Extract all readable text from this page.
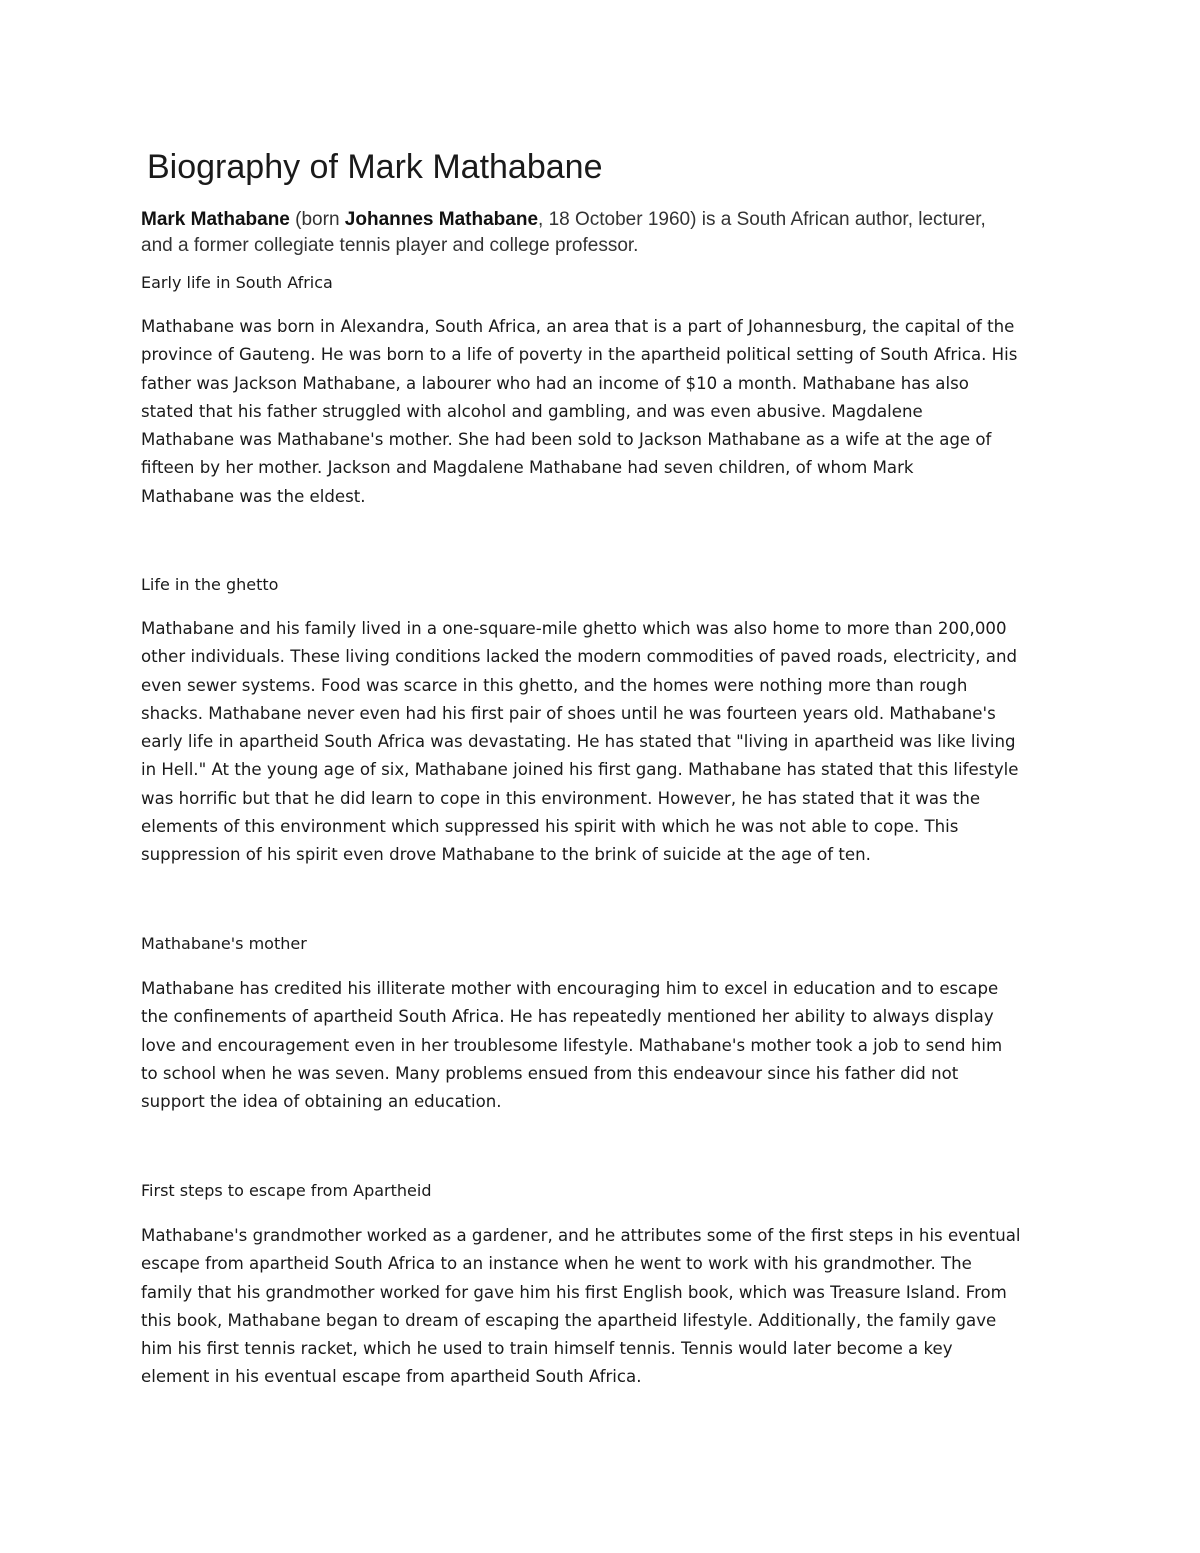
Biography of Mark Mathabane

Mark Mathabane (born Johannes Mathabane, 18 October 1960) is a South African author, lecturer,
and a former collegiate tennis player and college professor.

Early life in South Africa

Mathabane was born in Alexandra, South Africa, an area that is a part of Johannesburg, the capital of the
province of Gauteng. He was born to a life of poverty in the apartheid political setting of South Africa. His
father was Jackson Mathabane, a labourer who had an income of $10 a month. Mathabane has also
stated that his father struggled with alcohol and gambling, and was even abusive. Magdalene
Mathabane was Mathabane's mother. She had been sold to Jackson Mathabane as a wife at the age of
fifteen by her mother. Jackson and Magdalene Mathabane had seven children, of whom Mark
Mathabane was the eldest.

Life in the ghetto

Mathabane and his family lived in a one-square-mile ghetto which was also home to more than 200,000
other individuals. These living conditions lacked the modern commodities of paved roads, electricity, and
even sewer systems. Food was scarce in this ghetto, and the homes were nothing more than rough
shacks. Mathabane never even had his first pair of shoes until he was fourteen years old. Mathabane's
early life in apartheid South Africa was devastating. He has stated that "living in apartheid was like living
in Hell." At the young age of six, Mathabane joined his first gang. Mathabane has stated that this lifestyle
was horrific but that he did learn to cope in this environment. However, he has stated that it was the
elements of this environment which suppressed his spirit with which he was not able to cope. This
suppression of his spirit even drove Mathabane to the brink of suicide at the age of ten.

Mathabane's mother

Mathabane has credited his illiterate mother with encouraging him to excel in education and to escape
the confinements of apartheid South Africa. He has repeatedly mentioned her ability to always display
love and encouragement even in her troublesome lifestyle. Mathabane's mother took a job to send him
to school when he was seven. Many problems ensued from this endeavour since his father did not
support the idea of obtaining an education.

First steps to escape from Apartheid

Mathabane's grandmother worked as a gardener, and he attributes some of the first steps in his eventual
escape from apartheid South Africa to an instance when he went to work with his grandmother. The
family that his grandmother worked for gave him his first English book, which was Treasure Island. From
this book, Mathabane began to dream of escaping the apartheid lifestyle. Additionally, the family gave
him his first tennis racket, which he used to train himself tennis. Tennis would later become a key
element in his eventual escape from apartheid South Africa.
